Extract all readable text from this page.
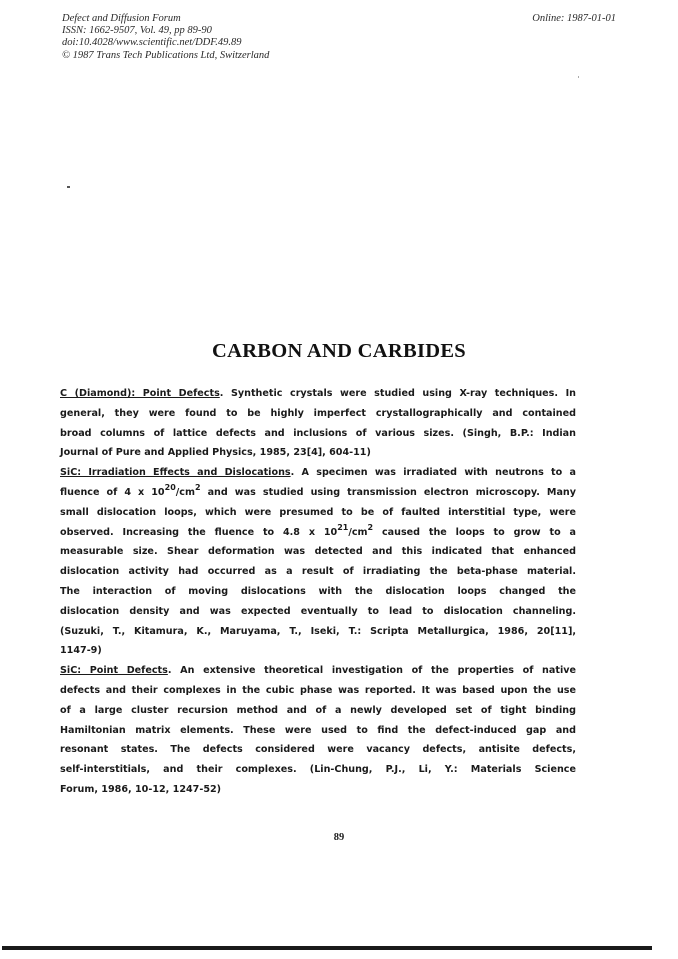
Defect and Diffusion Forum
ISSN: 1662-9507, Vol. 49, pp 89-90
doi:10.4028/www.scientific.net/DDF.49.89
© 1987 Trans Tech Publications Ltd, Switzerland
Online: 1987-01-01
CARBON AND CARBIDES
C (Diamond): Point Defects. Synthetic crystals were studied using X-ray techniques. In
general, they were found to be highly imperfect crystallographically and contained
broad columns of lattice defects and inclusions of various sizes. (Singh, B.P.: Indian
Journal of Pure and Applied Physics, 1985, 23[4], 604-11)
SiC: Irradiation Effects and Dislocations. A specimen was irradiated with neutrons to a
fluence of 4 x $10^{20}/cm^2$ and was studied using transmission electron microscopy. Many
small dislocation loops, which were presumed to be of faulted interstitial type, were
observed. Increasing the fluence to 4.8 x $10^{21}/cm^2$ caused the loops to grow to a
measurable size. Shear deformation was detected and this indicated that enhanced
dislocation activity had occurred as a result of irradiating the beta-phase material.
The interaction of moving dislocations with the dislocation loops changed the
dislocation density and was expected eventually to lead to dislocation channeling.
(Suzuki, T., Kitamura, K., Maruyama, T., Iseki, T.: Scripta Metallurgica, 1986, 20[11],
1147-9)
SiC: Point Defects. An extensive theoretical investigation of the properties of native
defects and their complexes in the cubic phase was reported. It was based upon the use
of a large cluster recursion method and of a newly developed set of tight binding
Hamiltonian matrix elements. These were used to find the defect-induced gap and
resonant states. The defects considered were vacancy defects, antisite defects,
self-interstitials, and their complexes. (Lin-Chung, P.J., Li, Y.: Materials Science
Forum, 1986, 10-12, 1247-52)
89
